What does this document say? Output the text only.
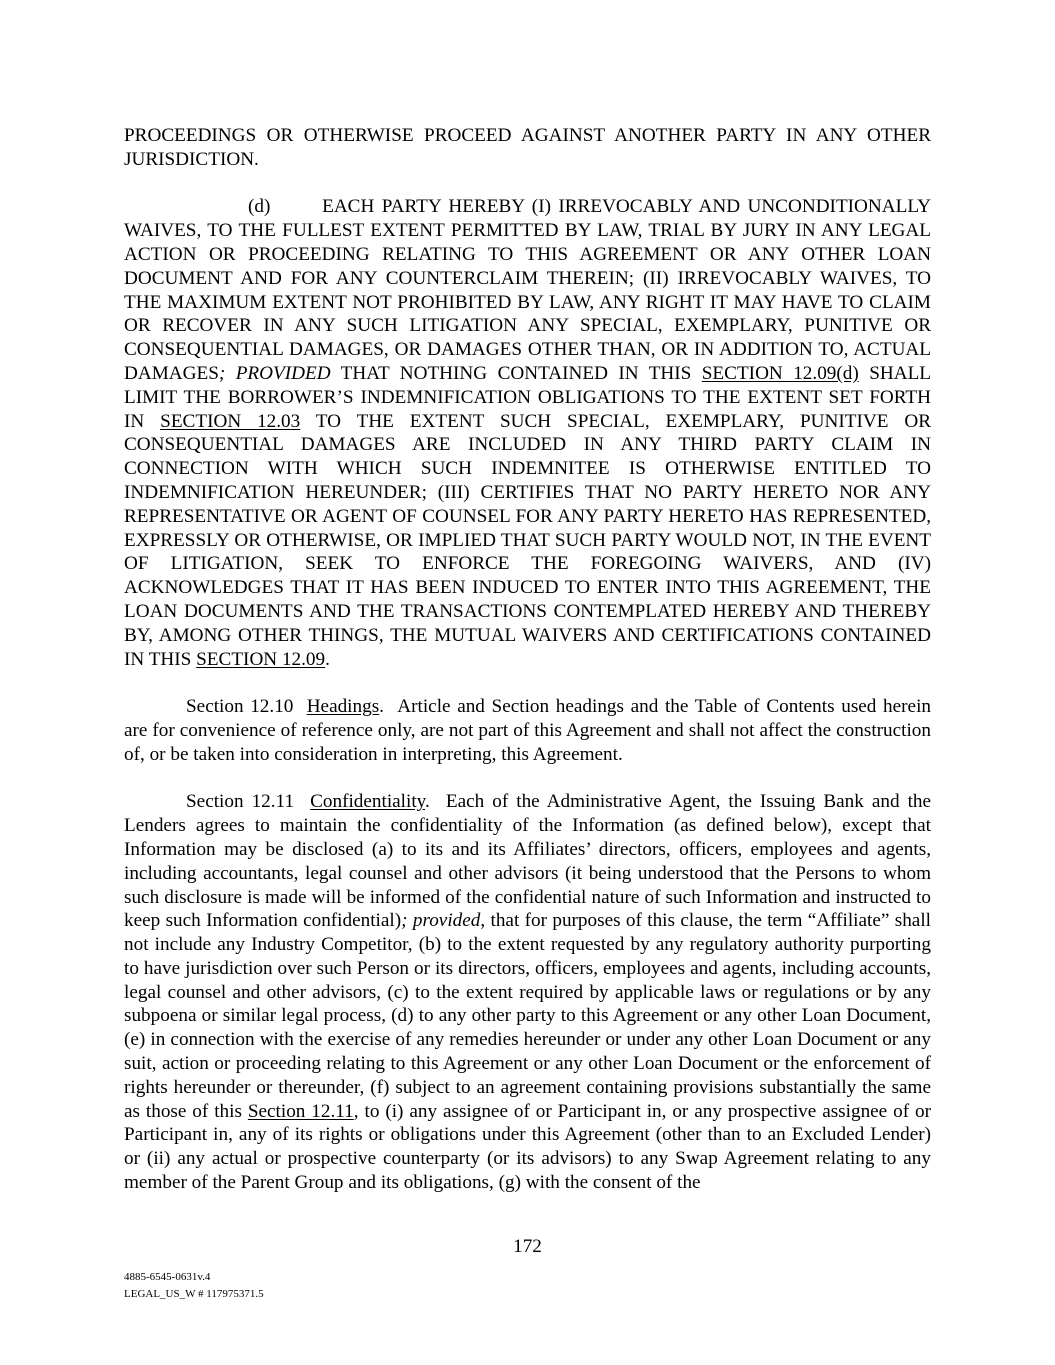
PROCEEDINGS OR OTHERWISE PROCEED AGAINST ANOTHER PARTY IN ANY OTHER JURISDICTION.

(d)       EACH PARTY HEREBY (I) IRREVOCABLY AND UNCONDITIONALLY WAIVES, TO THE FULLEST EXTENT PERMITTED BY LAW, TRIAL BY JURY IN ANY LEGAL ACTION OR PROCEEDING RELATING TO THIS AGREEMENT OR ANY OTHER LOAN DOCUMENT AND FOR ANY COUNTERCLAIM THEREIN; (II) IRREVOCABLY WAIVES, TO THE MAXIMUM EXTENT NOT PROHIBITED BY LAW, ANY RIGHT IT MAY HAVE TO CLAIM OR RECOVER IN ANY SUCH LITIGATION ANY SPECIAL, EXEMPLARY, PUNITIVE OR CONSEQUENTIAL DAMAGES, OR DAMAGES OTHER THAN, OR IN ADDITION TO, ACTUAL DAMAGES; PROVIDED THAT NOTHING CONTAINED IN THIS SECTION 12.09(d) SHALL LIMIT THE BORROWER’S INDEMNIFICATION OBLIGATIONS TO THE EXTENT SET FORTH IN SECTION 12.03 TO THE EXTENT SUCH SPECIAL, EXEMPLARY, PUNITIVE OR CONSEQUENTIAL DAMAGES ARE INCLUDED IN ANY THIRD PARTY CLAIM IN CONNECTION WITH WHICH SUCH INDEMNITEE IS OTHERWISE ENTITLED TO INDEMNIFICATION HEREUNDER; (III) CERTIFIES THAT NO PARTY HERETO NOR ANY REPRESENTATIVE OR AGENT OF COUNSEL FOR ANY PARTY HERETO HAS REPRESENTED, EXPRESSLY OR OTHERWISE, OR IMPLIED THAT SUCH PARTY WOULD NOT, IN THE EVENT OF LITIGATION, SEEK TO ENFORCE THE FOREGOING WAIVERS, AND (IV) ACKNOWLEDGES THAT IT HAS BEEN INDUCED TO ENTER INTO THIS AGREEMENT, THE LOAN DOCUMENTS AND THE TRANSACTIONS CONTEMPLATED HEREBY AND THEREBY BY, AMONG OTHER THINGS, THE MUTUAL WAIVERS AND CERTIFICATIONS CONTAINED IN THIS SECTION 12.09.

Section 12.10 Headings.  Article and Section headings and the Table of Contents used herein are for convenience of reference only, are not part of this Agreement and shall not affect the construction of, or be taken into consideration in interpreting, this Agreement.

Section 12.11 Confidentiality.  Each of the Administrative Agent, the Issuing Bank and the Lenders agrees to maintain the confidentiality of the Information (as defined below), except that Information may be disclosed (a) to its and its Affiliates’ directors, officers, employees and agents, including accountants, legal counsel and other advisors (it being understood that the Persons to whom such disclosure is made will be informed of the confidential nature of such Information and instructed to keep such Information confidential); provided, that for purposes of this clause, the term “Affiliate” shall not include any Industry Competitor, (b) to the extent requested by any regulatory authority purporting to have jurisdiction over such Person or its directors, officers, employees and agents, including accounts, legal counsel and other advisors, (c) to the extent required by applicable laws or regulations or by any subpoena or similar legal process, (d) to any other party to this Agreement or any other Loan Document, (e) in connection with the exercise of any remedies hereunder or under any other Loan Document or any suit, action or proceeding relating to this Agreement or any other Loan Document or the enforcement of rights hereunder or thereunder, (f) subject to an agreement containing provisions substantially the same as those of this Section 12.11, to (i) any assignee of or Participant in, or any prospective assignee of or Participant in, any of its rights or obligations under this Agreement (other than to an Excluded Lender) or (ii) any actual or prospective counterparty (or its advisors) to any Swap Agreement relating to any member of the Parent Group and its obligations, (g) with the consent of the

172
4885-6545-0631v.4
LEGAL_US_W # 117975371.5
